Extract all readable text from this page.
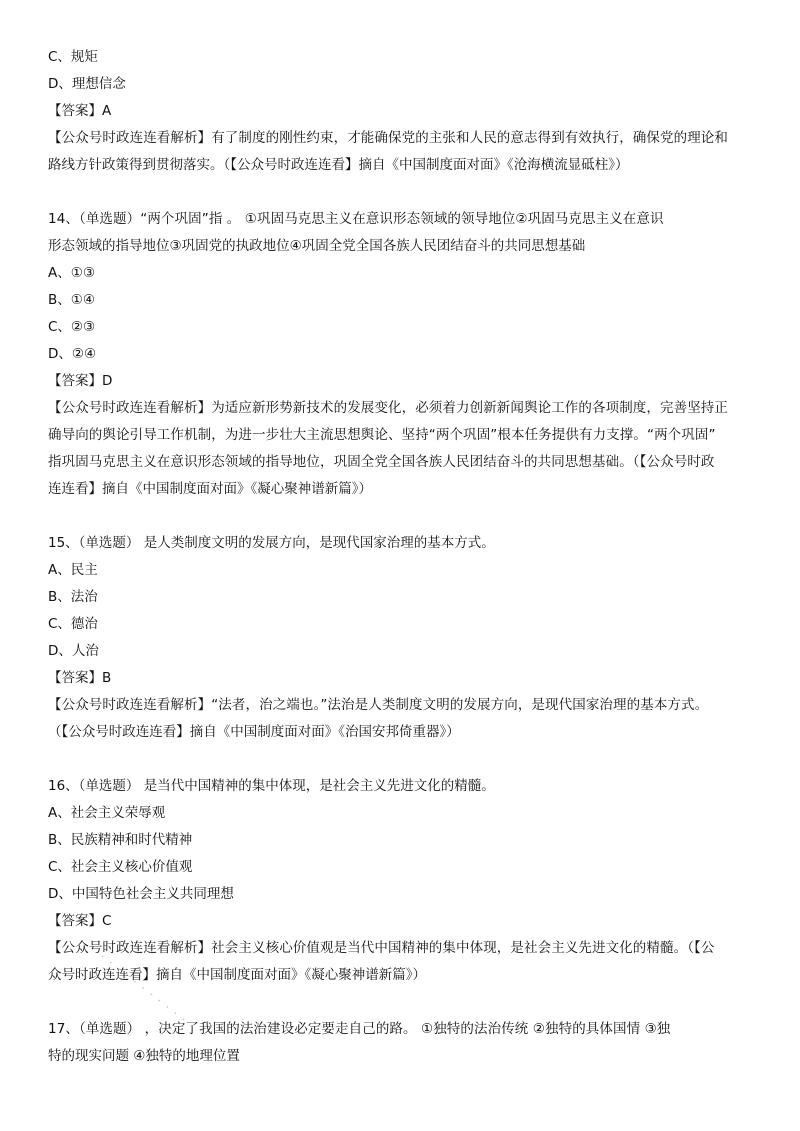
C、规矩
D、理想信念
【答案】A
【公众号时政连连看解析】有了制度的刚性约束，才能确保党的主张和人民的意志得到有效执行，确保党的理论和
路线方针政策得到贯彻落实。（【公众号时政连连看】摘自《中国制度面对面》《沧海横流显砥柱》）
14、（单选题）“两个巩固”指 。 ①巩固马克思主义在意识形态领域的领导地位②巩固马克思主义在意识
形态领域的指导地位③巩固党的执政地位④巩固全党全国各族人民团结奋斗的共同思想基础
A、①③
B、①④
C、②③
D、②④
【答案】D
【公众号时政连连看解析】为适应新形势新技术的发展变化，必须着力创新新闻舆论工作的各项制度，完善坚持正
确导向的舆论引导工作机制，为进一步壮大主流思想舆论、坚持“两个巩固”根本任务提供有力支撑。“两个巩固”
指巩固马克思主义在意识形态领域的指导地位，巩固全党全国各族人民团结奋斗的共同思想基础。（【公众号时政
连连看】摘自《中国制度面对面》《凝心聚神谱新篇》）
15、（单选题） 是人类制度文明的发展方向，是现代国家治理的基本方式。
A、民主
B、法治
C、德治
D、人治
【答案】B
【公众号时政连连看解析】“法者，治之端也。”法治是人类制度文明的发展方向，是现代国家治理的基本方式。
（【公众号时政连连看】摘自《中国制度面对面》《治国安邦倚重器》）
16、（单选题） 是当代中国精神的集中体现，是社会主义先进文化的精髓。
A、社会主义荣辱观
B、民族精神和时代精神
C、社会主义核心价值观
D、中国特色社会主义共同理想
【答案】C
【公众号时政连连看解析】社会主义核心价值观是当代中国精神的集中体现，是社会主义先进文化的精髓。（【公
众号时政连连看】摘自《中国制度面对面》《凝心聚神谱新篇》）
17、（单选题） ，决定了我国的法治建设必定要走自己的路。 ①独特的法治传统 ②独特的具体国情 ③独
特的现实问题 ④独特的地理位置
· · · · · · · · · · · ·
